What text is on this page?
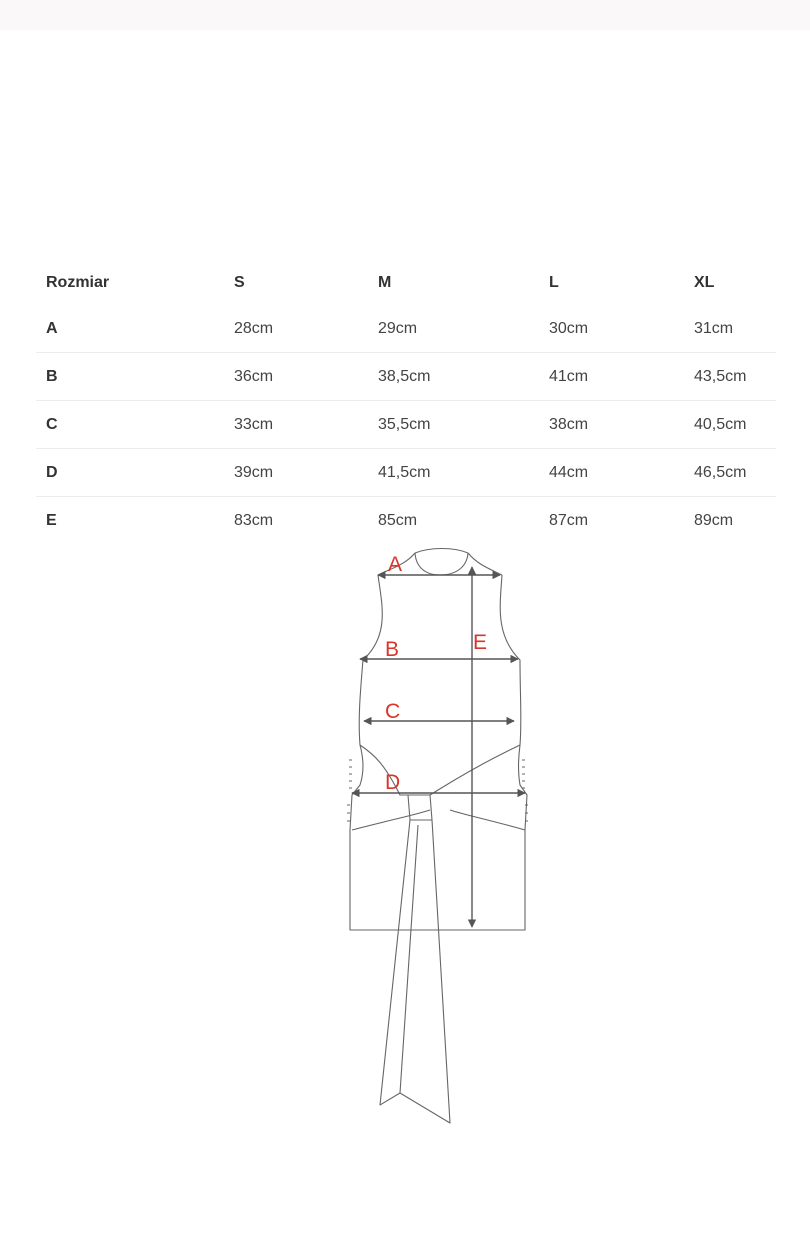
Rozmiar	S	M	L	XL
A	28cm	29cm	30cm	31cm
B	36cm	38,5cm	41cm	43,5cm
C	33cm	35,5cm	38cm	40,5cm
D	39cm	41,5cm	44cm	46,5cm
E	83cm	85cm	87cm	89cm
A
B
C
D
E
